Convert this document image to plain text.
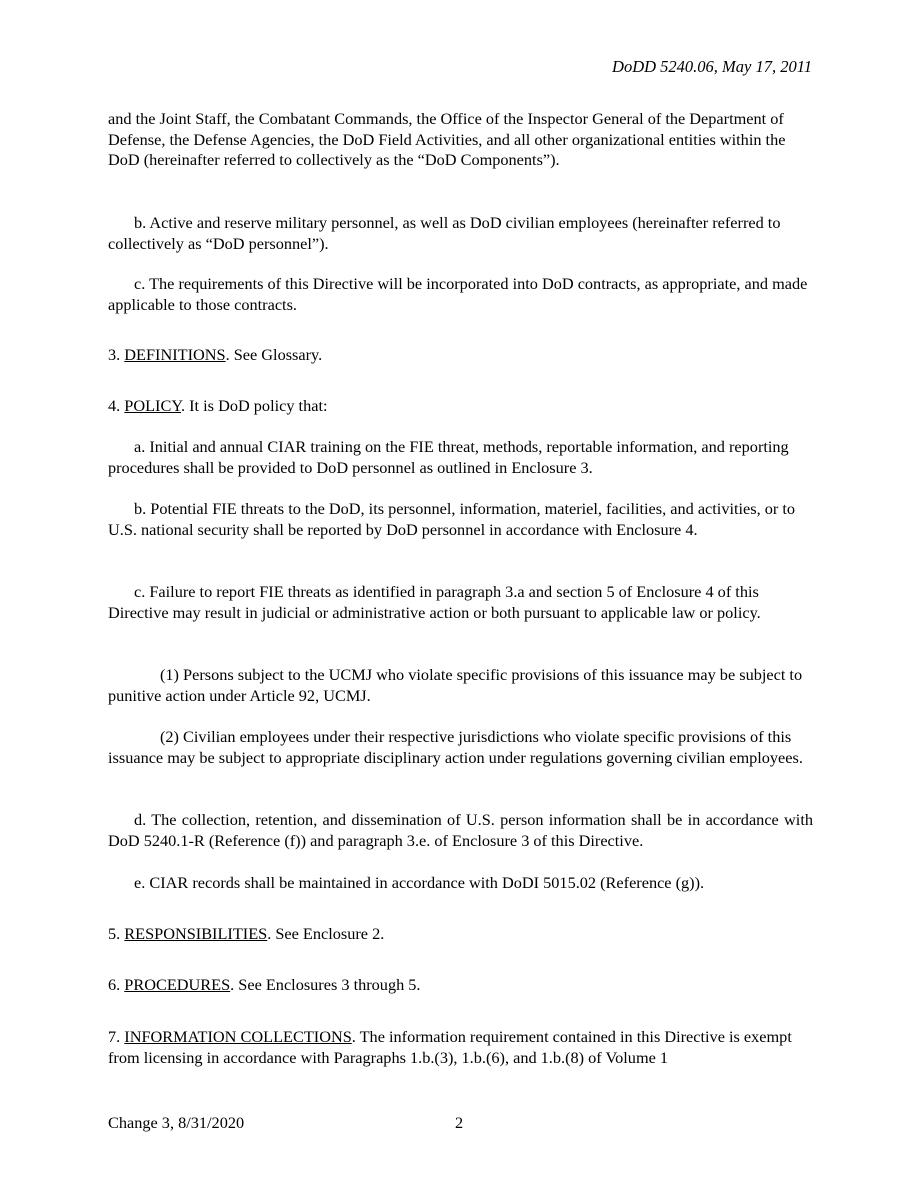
DoDD 5240.06, May 17, 2011

and the Joint Staff, the Combatant Commands, the Office of the Inspector General of the Department of Defense, the Defense Agencies, the DoD Field Activities, and all other organizational entities within the DoD (hereinafter referred to collectively as the “DoD Components”).

b. Active and reserve military personnel, as well as DoD civilian employees (hereinafter referred to collectively as “DoD personnel”).

c. The requirements of this Directive will be incorporated into DoD contracts, as appropriate, and made applicable to those contracts.

3. DEFINITIONS. See Glossary.

4. POLICY. It is DoD policy that:

a. Initial and annual CIAR training on the FIE threat, methods, reportable information, and reporting procedures shall be provided to DoD personnel as outlined in Enclosure 3.

b. Potential FIE threats to the DoD, its personnel, information, materiel, facilities, and activities, or to U.S. national security shall be reported by DoD personnel in accordance with Enclosure 4.

c. Failure to report FIE threats as identified in paragraph 3.a and section 5 of Enclosure 4 of this Directive may result in judicial or administrative action or both pursuant to applicable law or policy.

(1) Persons subject to the UCMJ who violate specific provisions of this issuance may be subject to punitive action under Article 92, UCMJ.

(2) Civilian employees under their respective jurisdictions who violate specific provisions of this issuance may be subject to appropriate disciplinary action under regulations governing civilian employees.

d. The collection, retention, and dissemination of U.S. person information shall be in accordance with DoD 5240.1-R (Reference (f)) and paragraph 3.e. of Enclosure 3 of this Directive.

e. CIAR records shall be maintained in accordance with DoDI 5015.02 (Reference (g)).

5. RESPONSIBILITIES. See Enclosure 2.

6. PROCEDURES. See Enclosures 3 through 5.

7. INFORMATION COLLECTIONS. The information requirement contained in this Directive is exempt from licensing in accordance with Paragraphs 1.b.(3), 1.b.(6), and 1.b.(8) of Volume 1

Change 3, 8/31/2020	2
